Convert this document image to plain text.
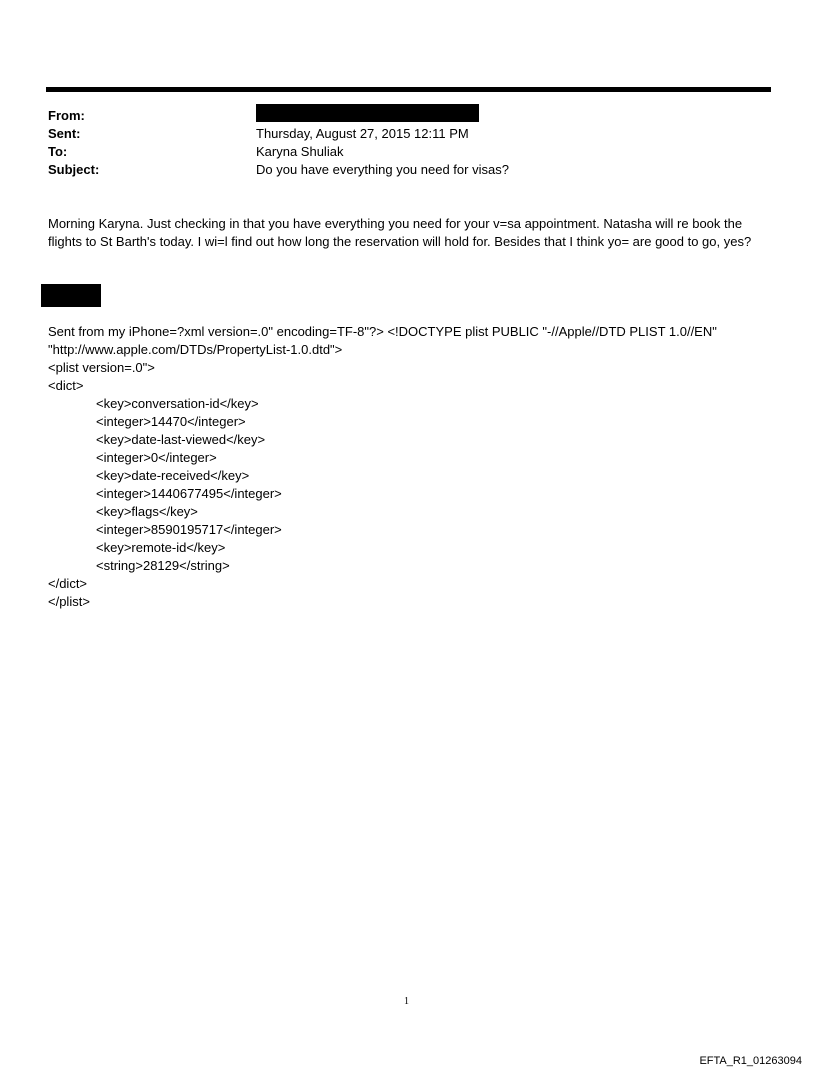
From:
Sent:	Thursday, August 27, 2015 12:11 PM
To:	Karyna Shuliak
Subject:	Do you have everything you need for visas?
Morning Karyna. Just checking in that you have everything you need for your v=sa appointment. Natasha will re book the flights to St Barth's today. I wi=l find out how long the reservation will hold for. Besides that I think yo= are good to go, yes?
Sent from my iPhone=?xml version=.0" encoding=TF-8"?> <!DOCTYPE plist PUBLIC "-//Apple//DTD PLIST 1.0//EN"
"http://www.apple.com/DTDs/PropertyList-1.0.dtd">
<plist version=.0">
<dict>
<key>conversation-id</key>
<integer>14470</integer>
<key>date-last-viewed</key>
<integer>0</integer>
<key>date-received</key>
<integer>1440677495</integer>
<key>flags</key>
<integer>8590195717</integer>
<key>remote-id</key>
<string>28129</string>
</dict>
</plist>
1
EFTA_R1_01263094
